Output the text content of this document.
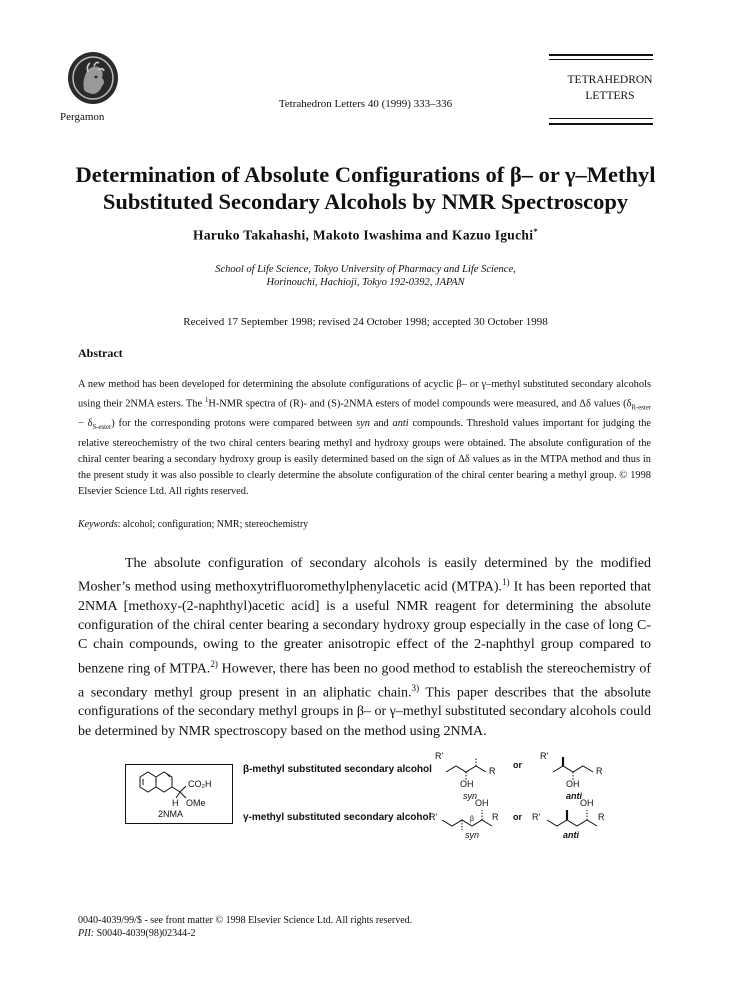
Pergamon
Tetrahedron Letters 40 (1999) 333–336
TETRAHEDRON
LETTERS
Determination of Absolute Configurations of β– or γ–Methyl
Substituted Secondary Alcohols by NMR Spectroscopy
Haruko Takahashi, Makoto Iwashima and Kazuo Iguchi*
School of Life Science, Tokyo University of Pharmacy and Life Science,
Horinouchi, Hachioji, Tokyo 192-0392, JAPAN
Received 17 September 1998; revised 24 October 1998; accepted 30 October 1998
Abstract
A new method has been developed for determining the absolute configurations of acyclic β– or γ–methyl substituted secondary alcohols using their 2NMA esters. The $^1$H-NMR spectra of (R)- and (S)-2NMA esters of model compounds were measured, and Δδ values $(\delta_{R-ester} - \delta_{S-ester})$ for the corresponding protons were compared between syn and anti compounds. Threshold values important for judging the relative stereochemistry of the two chiral centers bearing methyl and hydroxy groups were obtained. The absolute configuration of the chiral center bearing a secondary hydroxy group is easily determined based on the sign of Δδ values as in the MTPA method and thus in the present study it was also possible to clearly determine the absolute configuration of the chiral center bearing a methyl group. © 1998 Elsevier Science Ltd. All rights reserved.
Keywords: alcohol; configuration; NMR; stereochemistry
The absolute configuration of secondary alcohols is easily determined by the modified Mosher’s method using methoxytrifluoromethylphenylacetic acid (MTPA).$^{1)}$ It has been reported that 2NMA [methoxy-(2-naphthyl)acetic acid] is a useful NMR reagent for determining the absolute configuration of the chiral center bearing a secondary hydroxy group especially in the case of long C-C chain compounds, owing to the greater anisotropic effect of the 2-naphthyl group compared to benzene ring of MTPA.$^{2)}$ However, there has been no good method to establish the stereochemistry of a secondary methyl group present in an aliphatic chain.$^{3)}$ This paper describes that the absolute configurations of the secondary methyl groups in β– or γ–methyl substituted secondary alcohols could be determined by NMR spectroscopy based on the method using 2NMA.
CO₂H
H OMe
2NMA
β-methyl substituted secondary alcohol
γ-methyl substituted secondary alcohol
R'
R
OH
syn
or
R'
R
OH
anti
R'	R
OH
β
syn
or R'	R
OH
anti
0040-4039/99/$ - see front matter © 1998 Elsevier Science Ltd. All rights reserved.
PII: S0040-4039(98)02344-2
